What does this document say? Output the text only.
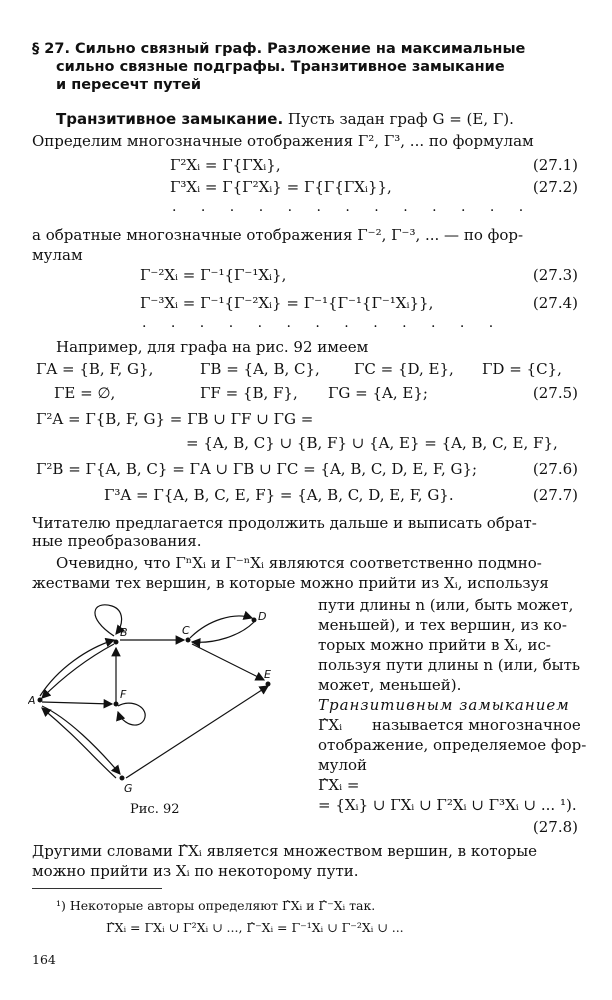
§ 27. Сильно связный граф. Разложение на максимальные
сильно связные подграфы. Транзитивное замыкание
и пересечт путей
Транзитивное замыкание. Пусть задан граф G = (E, Γ).
Определим многозначные отображения Γ², Γ³, ... по формулам
Γ²Xᵢ = Γ{ΓXᵢ},	(27.1)
Γ³Xᵢ = Γ{Γ²Xᵢ} = Γ{Γ{ΓXᵢ}},	(27.2)
. . . . . . . . . . . . .
а обратные многозначные отображения Γ⁻², Γ⁻³, ... — по фор-
мулам
Γ⁻²Xᵢ = Γ⁻¹{Γ⁻¹Xᵢ},	(27.3)
Γ⁻³Xᵢ = Γ⁻¹{Γ⁻²Xᵢ} = Γ⁻¹{Γ⁻¹{Γ⁻¹Xᵢ}},	(27.4)
. . . . . . . . . . . . .
Например, для графа на рис. 92 имеем
ΓA = {B, F, G},	ΓB = {A, B, C}, ΓC = {D, E}, ΓD = {C},
ΓE = ∅,	ΓF = {B, F}, ΓG = {A, E};	(27.5)
Γ²A = Γ{B, F, G} = ΓB ∪ ΓF ∪ ΓG =
= {A, B, C} ∪ {B, F} ∪ {A, E} = {A, B, C, E, F},
Γ²B = Γ{A, B, C} = ΓA ∪ ΓB ∪ ΓC = {A, B, C, D, E, F, G};	(27.6)
Γ³A = Γ{A, B, C, E, F} = {A, B, C, D, E, F, G}.	(27.7)
Читателю предлагается продолжить дальше и выписать обрат-
ные преобразования.
Очевидно, что ΓⁿXᵢ и Γ⁻ⁿXᵢ являются соответственно подмно-
жествами тех вершин, в которые можно прийти из Xᵢ, используя
пути длины n (или, быть может,
меньшей), и тех вершин, из ко-
торых можно прийти в Xᵢ, ис-
пользуя пути длины n (или, быть
может, меньшей).
Транзитивным замыканием
Γ̂Xᵢ называется многозначное
отображение, определяемое фор-
мулой
Γ̂Xᵢ =
= {Xᵢ} ∪ ΓXᵢ ∪ Γ²Xᵢ ∪ Γ³Xᵢ ∪ ... ¹).
(27.8)
A
B	C
D
E
F
G
Рис. 92
Другими словами Γ̂Xᵢ является множеством вершин, в которые
можно прийти из Xᵢ по некоторому пути.
¹) Некоторые авторы определяют Γ̂Xᵢ и Γ̂⁻Xᵢ так.
Γ̂Xᵢ = ΓXᵢ ∪ Γ²Xᵢ ∪ ..., Γ̂⁻Xᵢ = Γ⁻¹Xᵢ ∪ Γ⁻²Xᵢ ∪ ...
164
